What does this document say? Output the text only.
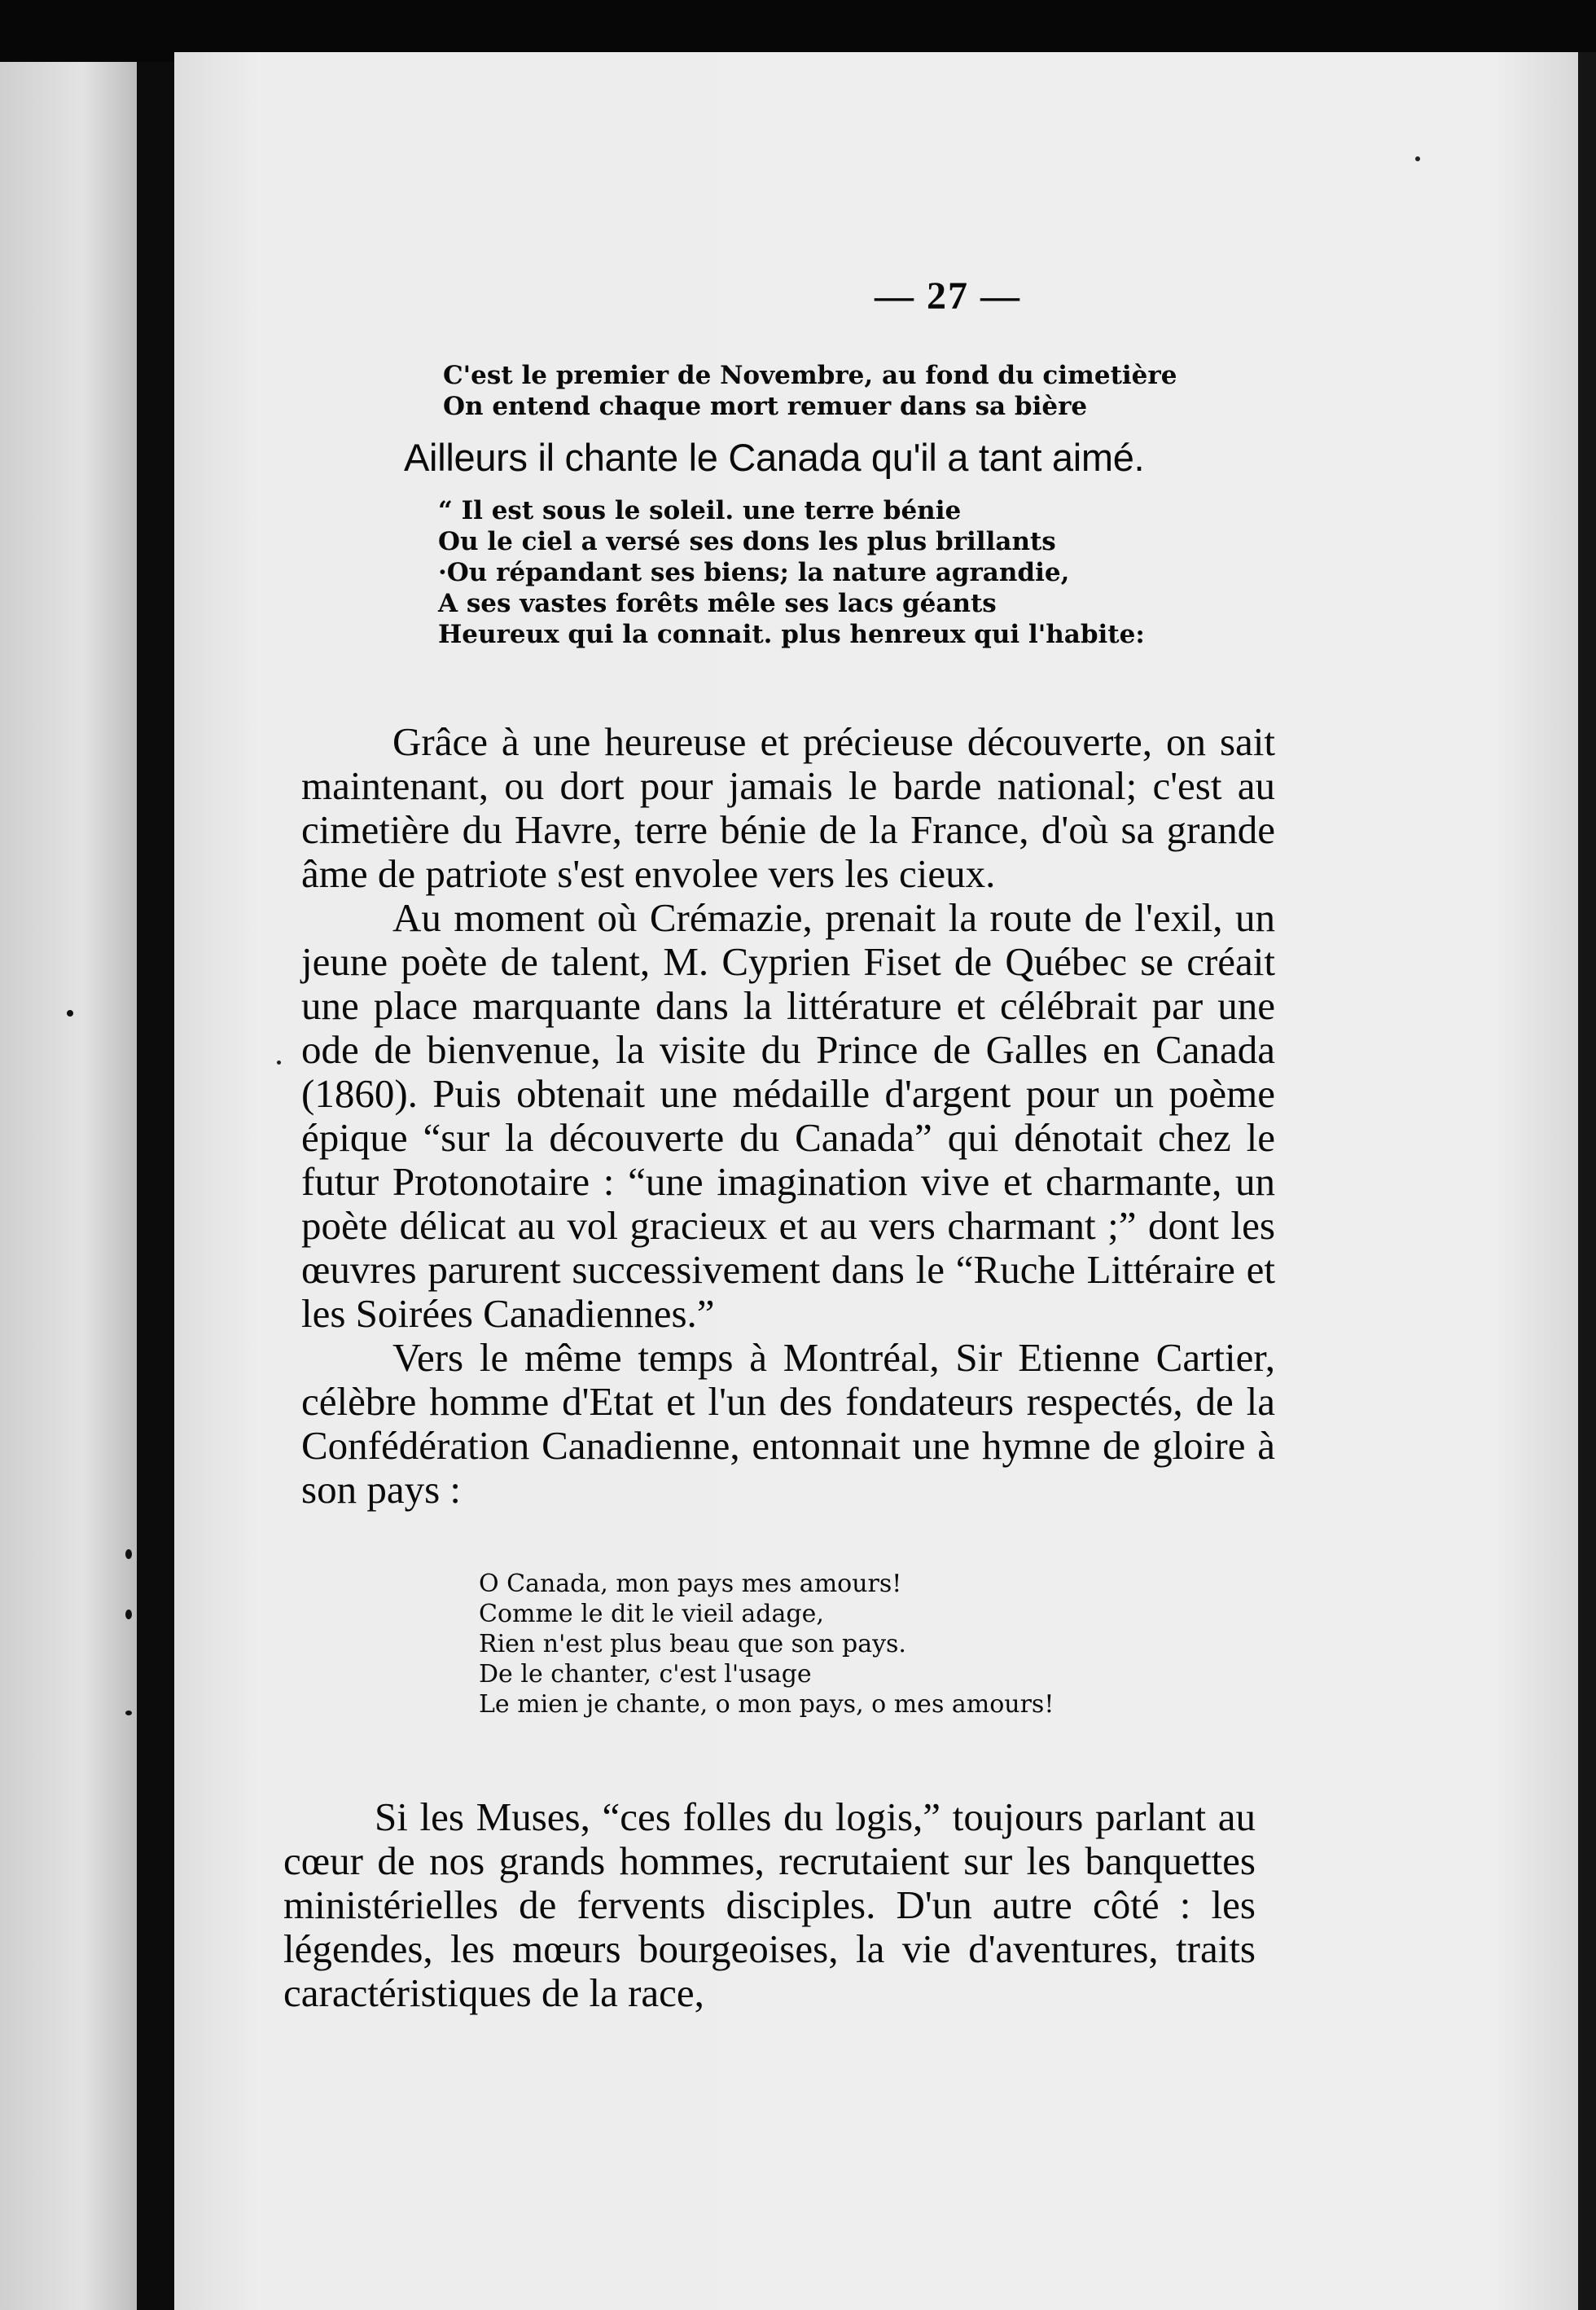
— 27 —
C'est le premier de Novembre, au fond du cimetière
On entend chaque mort remuer dans sa bière
Ailleurs il chante le Canada qu'il a tant aimé.
“ Il est sous le soleil. une terre bénie
Ou le ciel a versé ses dons les plus brillants
·Ou répandant ses biens; la nature agrandie,
A ses vastes forêts mêle ses lacs géants
Heureux qui la connait. plus henreux qui l'habite:

Grâce à une heureuse et précieuse découverte, on sait maintenant, ou dort pour jamais le barde national; c'est au cimetière du Havre, terre bénie de la France, d'où sa grande âme de patriote s'est envolee vers les cieux.

Au moment où Crémazie, prenait la route de l'exil, un jeune poète de talent, M. Cyprien Fiset de Québec se créait une place marquante dans la littérature et célébrait par une ode de bienvenue, la visite du Prince de Galles en Canada (1860). Puis obtenait une médaille d'argent pour un poème épique “sur la découverte du Canada” qui dénotait chez le futur Protonotaire : “une imagination vive et charmante, un poète délicat au vol gracieux et au vers charmant ;” dont les œuvres parurent successivement dans le “Ruche Littéraire et les Soirées Canadiennes.”

Vers le même temps à Montréal, Sir Etienne Cartier, célèbre homme d'Etat et l'un des fondateurs respectés, de la Confédération Canadienne, entonnait une hymne de gloire à son pays :

O Canada, mon pays mes amours!
Comme le dit le vieil adage,
Rien n'est plus beau que son pays.
De le chanter, c'est l'usage
Le mien je chante, o mon pays, o mes amours!

Si les Muses, “ces folles du logis,” toujours parlant au cœur de nos grands hommes, recrutaient sur les banquettes ministérielles de fervents disciples. D'un autre côté : les légendes, les mœurs bourgeoises, la vie d'aventures, traits caractéristiques de la race,
